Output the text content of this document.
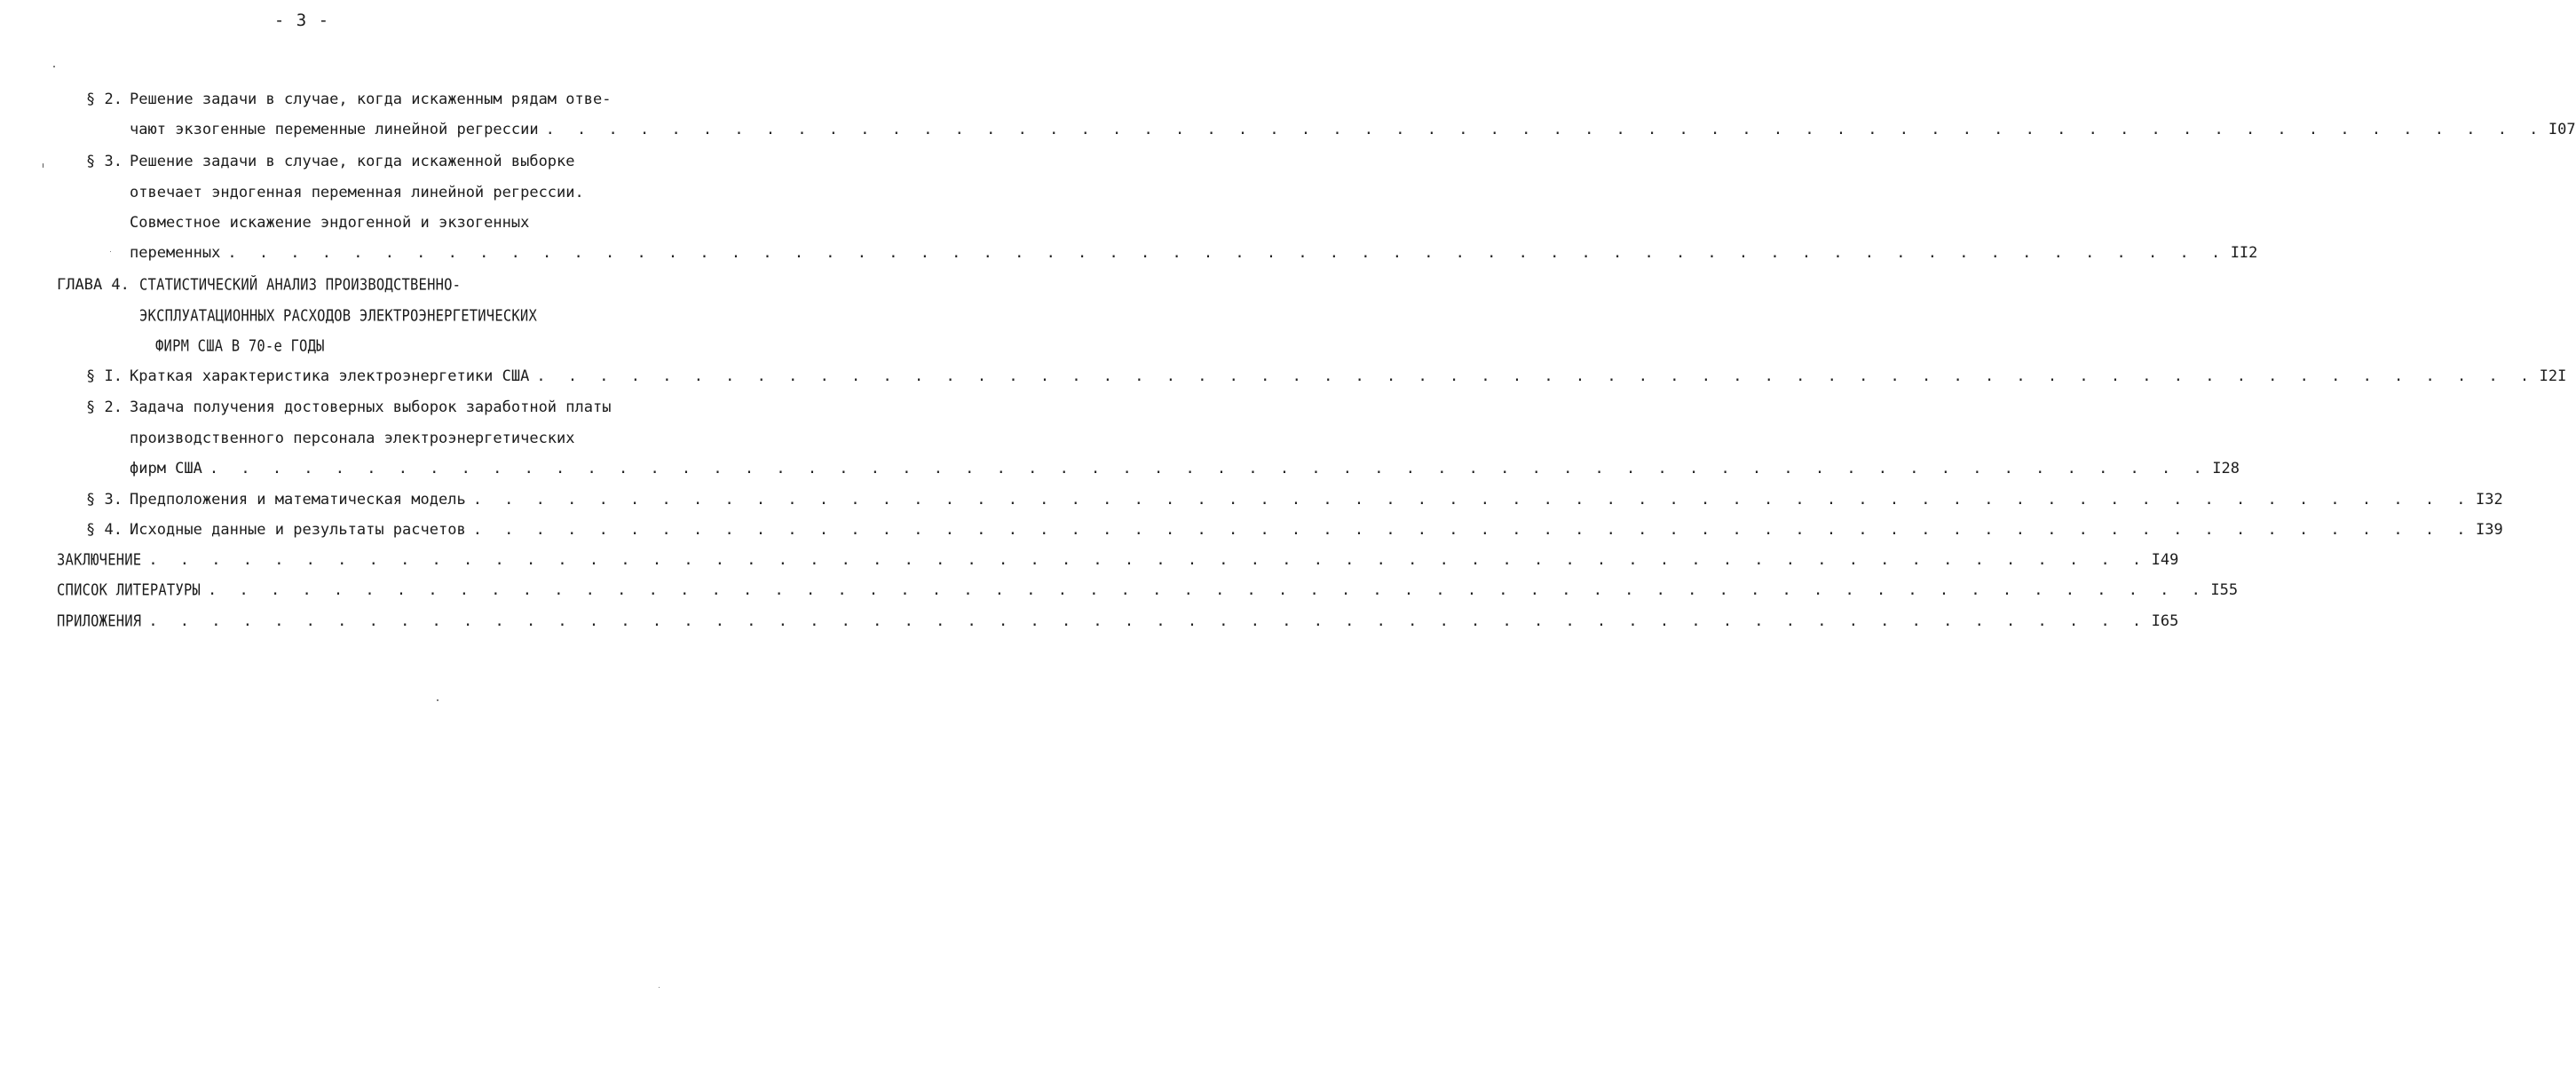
- 3 -
§ 2. Решение задачи в случае, когда искаженным рядам отве-
чают экзогенные переменные линейной регрессии . . . . . . . . . . . . . . . . . . . . . . . . . . . . . . . . . . . . . . . . . . . . . . . . . . . . . . . . . . . . . . . . I07
§ 3. Решение задачи в случае, когда искаженной выборке
отвечает эндогенная переменная линейной регрессии.
Совместное искажение эндогенной и экзогенных
переменных . . . . . . . . . . . . . . . . . . . . . . . . . . . . . . . . . . . . . . . . . . . . . . . . . . . . . . . . . . . . . . . . II2
ГЛАВА 4. СТАТИСТИЧЕСКИЙ АНАЛИЗ ПРОИЗВОДСТВЕННО-
ЭКСПЛУАТАЦИОННЫХ РАСХОДОВ ЭЛЕКТРОЭНЕРГЕТИЧЕСКИХ
ФИРМ США В 70-е ГОДЫ
§ I. Краткая характеристика электроэнергетики США . . . . . . . . . . . . . . . . . . . . . . . . . . . . . . . . . . . . . . . . . . . . . . . . . . . . . . . . . . . . . . . . I2I
§ 2. Задача получения достоверных выборок заработной платы
производственного персонала электроэнергетических
фирм США . . . . . . . . . . . . . . . . . . . . . . . . . . . . . . . . . . . . . . . . . . . . . . . . . . . . . . . . . . . . . . . . I28
§ 3. Предположения и математическая модель . . . . . . . . . . . . . . . . . . . . . . . . . . . . . . . . . . . . . . . . . . . . . . . . . . . . . . . . . . . . . . . . I32
§ 4. Исходные данные и результаты расчетов . . . . . . . . . . . . . . . . . . . . . . . . . . . . . . . . . . . . . . . . . . . . . . . . . . . . . . . . . . . . . . . . I39
ЗАКЛЮЧЕНИЕ . . . . . . . . . . . . . . . . . . . . . . . . . . . . . . . . . . . . . . . . . . . . . . . . . . . . . . . . . . . . . . . . I49
СПИСОК ЛИТЕРАТУРЫ . . . . . . . . . . . . . . . . . . . . . . . . . . . . . . . . . . . . . . . . . . . . . . . . . . . . . . . . . . . . . . . . I55
ПРИЛОЖЕНИЯ . . . . . . . . . . . . . . . . . . . . . . . . . . . . . . . . . . . . . . . . . . . . . . . . . . . . . . . . . . . . . . . . I65
